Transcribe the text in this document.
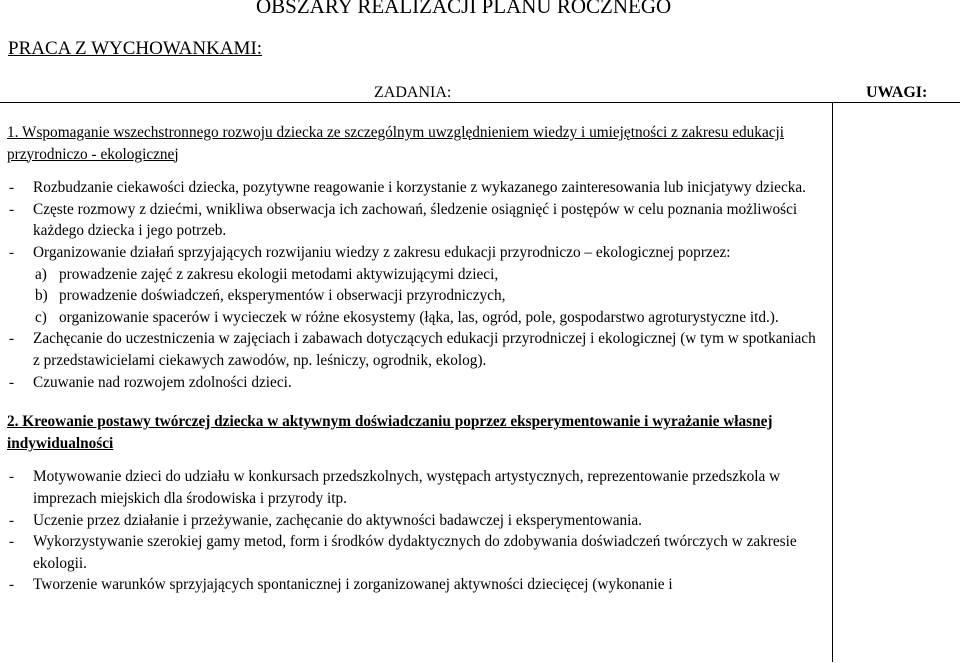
OBSZARY REALIZACJI PLANU ROCZNEGO
PRACA Z WYCHOWANKAMI:
ZADANIA:	UWAGI:

1. Wspomaganie wszechstronnego rozwoju dziecka ze szczególnym uwzględnieniem wiedzy i umiejętności z zakresu edukacji przyrodniczo - ekologicznej

- Rozbudzanie ciekawości dziecka, pozytywne reagowanie i korzystanie z wykazanego zainteresowania lub inicjatywy dziecka.

- Częste rozmowy z dziećmi, wnikliwa obserwacja ich zachowań, śledzenie osiągnięć i postępów w celu poznania możliwości każdego dziecka i jego potrzeb.

- Organizowanie działań sprzyjających rozwijaniu wiedzy z zakresu edukacji przyrodniczo – ekologicznej poprzez:

a) prowadzenie zajęć z zakresu ekologii metodami aktywizującymi dzieci,

b) prowadzenie doświadczeń, eksperymentów i obserwacji przyrodniczych,

c) organizowanie spacerów i wycieczek w różne ekosystemy (łąka, las, ogród, pole, gospodarstwo agroturystyczne itd.).

- Zachęcanie do uczestniczenia w zajęciach i zabawach dotyczących edukacji przyrodniczej i ekologicznej (w tym w spotkaniach z przedstawicielami ciekawych zawodów, np. leśniczy, ogrodnik, ekolog).

- Czuwanie nad rozwojem zdolności dzieci.

2. Kreowanie postawy twórczej dziecka w aktywnym doświadczaniu poprzez eksperymentowanie i wyrażanie własnej indywidualności

- Motywowanie dzieci do udziału w konkursach przedszkolnych, występach artystycznych, reprezentowanie przedszkola w imprezach miejskich dla środowiska i przyrody itp.

- Uczenie przez działanie i przeżywanie, zachęcanie do aktywności badawczej i eksperymentowania.

- Wykorzystywanie szerokiej gamy metod, form i środków dydaktycznych do zdobywania doświadczeń twórczych w zakresie ekologii.

- Tworzenie warunków sprzyjających spontanicznej i zorganizowanej aktywności dziecięcej (wykonanie i
